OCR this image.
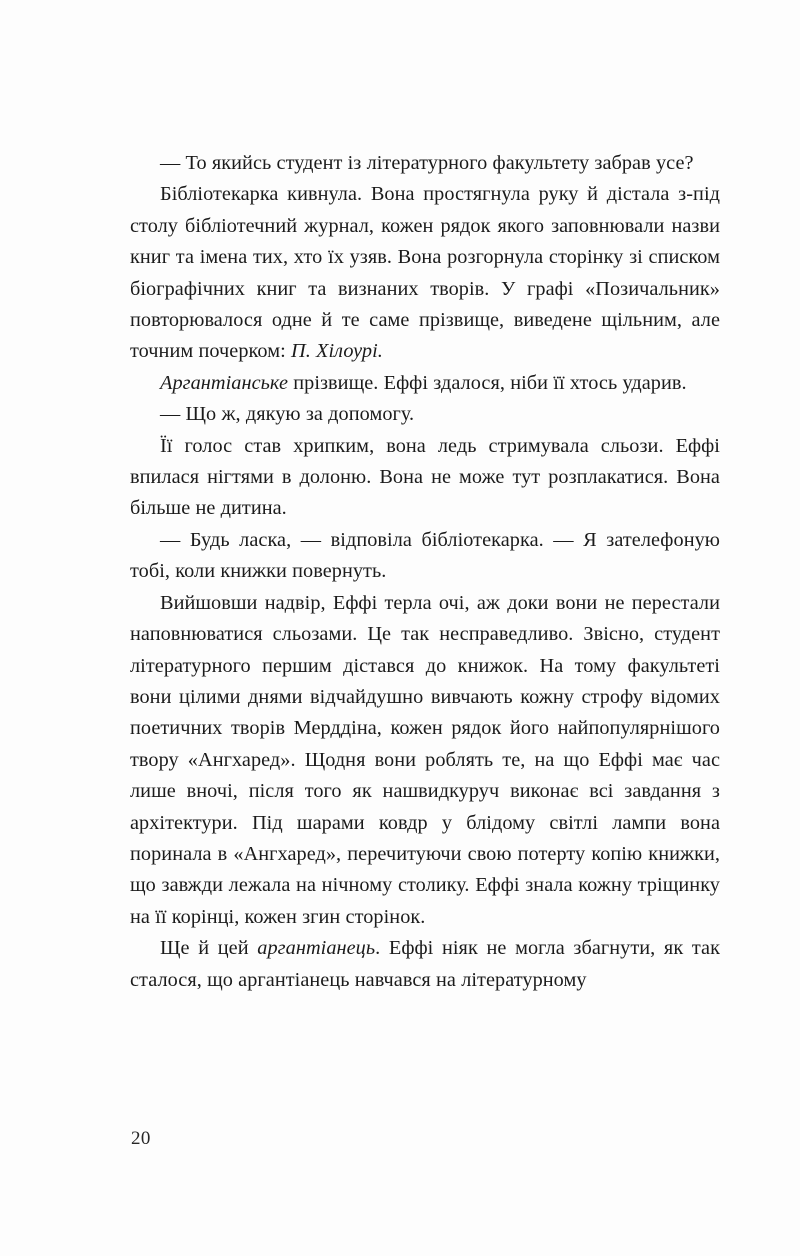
— То якийсь студент із літературного факультету забрав усе?

Бібліотекарка кивнула. Вона простягнула руку й дістала з-під столу бібліотечний журнал, кожен рядок якого заповнювали назви книг та імена тих, хто їх узяв. Вона розгорнула сторінку зі списком біографічних книг та визнаних творів. У графі «Позичальник» повторювалося одне й те саме прізвище, виведене щільним, але точним почерком: П. Хілоурі.

Аргантіанське прізвище. Еффі здалося, ніби її хтось ударив.

— Що ж, дякую за допомогу.

Її голос став хрипким, вона ледь стримувала сльози. Еффі впилася нігтями в долоню. Вона не може тут розплакатися. Вона більше не дитина.

— Будь ласка, — відповіла бібліотекарка. — Я зателефоную тобі, коли книжки повернуть.

Вийшовши надвір, Еффі терла очі, аж доки вони не перестали наповнюватися сльозами. Це так несправедливо. Звісно, студент літературного першим дістався до книжок. На тому факультеті вони цілими днями відчайдушно вивчають кожну строфу відомих поетичних творів Мерддіна, кожен рядок його найпопулярнішого твору «Ангхаред». Щодня вони роблять те, на що Еффі має час лише вночі, після того як нашвидкуруч виконає всі завдання з архітектури. Під шарами ковдр у блідому світлі лампи вона поринала в «Ангхаред», перечитуючи свою потерту копію книжки, що завжди лежала на нічному столику. Еффі знала кожну тріщинку на її корінці, кожен згин сторінок.

Ще й цей аргантіанець. Еффі ніяк не могла збагнути, як так сталося, що аргантіанець навчався на літературному

20
